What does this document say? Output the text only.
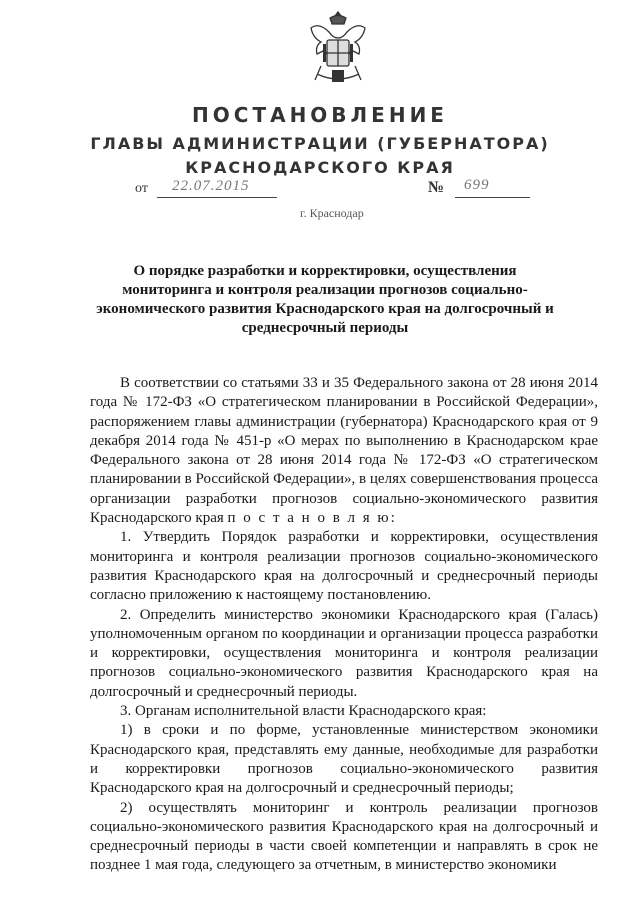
ПОСТАНОВЛЕНИЕ
ГЛАВЫ АДМИНИСТРАЦИИ (ГУБЕРНАТОРА)
КРАСНОДАРСКОГО КРАЯ
от 22.07.2015	№ 699
г. Краснодар
О порядке разработки и корректировки, осуществления мониторинга и контроля реализации прогнозов социально-экономического развития Краснодарского края на долгосрочный и среднесрочный периоды

В соответствии со статьями 33 и 35 Федерального закона от 28 июня 2014 года № 172-ФЗ «О стратегическом планировании в Российской Федерации», распоряжением главы администрации (губернатора) Краснодарского края от 9 декабря 2014 года № 451-р «О мерах по выполнению в Краснодарском крае Федерального закона от 28 июня 2014 года № 172-ФЗ «О стратегическом планировании в Российской Федерации», в целях совершенствования процесса организации разработки прогнозов социально-экономического развития Краснодарского края п о с т а н о в л я ю:

1. Утвердить Порядок разработки и корректировки, осуществления мониторинга и контроля реализации прогнозов социально-экономического развития Краснодарского края на долгосрочный и среднесрочный периоды согласно приложению к настоящему постановлению.

2. Определить министерство экономики Краснодарского края (Галась) уполномоченным органом по координации и организации процесса разработки и корректировки, осуществления мониторинга и контроля реализации прогнозов социально-экономического развития Краснодарского края на долгосрочный и среднесрочный периоды.

3. Органам исполнительной власти Краснодарского края:

1) в сроки и по форме, установленные министерством экономики Краснодарского края, представлять ему данные, необходимые для разработки и корректировки прогнозов социально-экономического развития Краснодарского края на долгосрочный и среднесрочный периоды;

2) осуществлять мониторинг и контроль реализации прогнозов социально-экономического развития Краснодарского края на долгосрочный и среднесрочный периоды в части своей компетенции и направлять в срок не позднее 1 мая года, следующего за отчетным, в министерство экономики
